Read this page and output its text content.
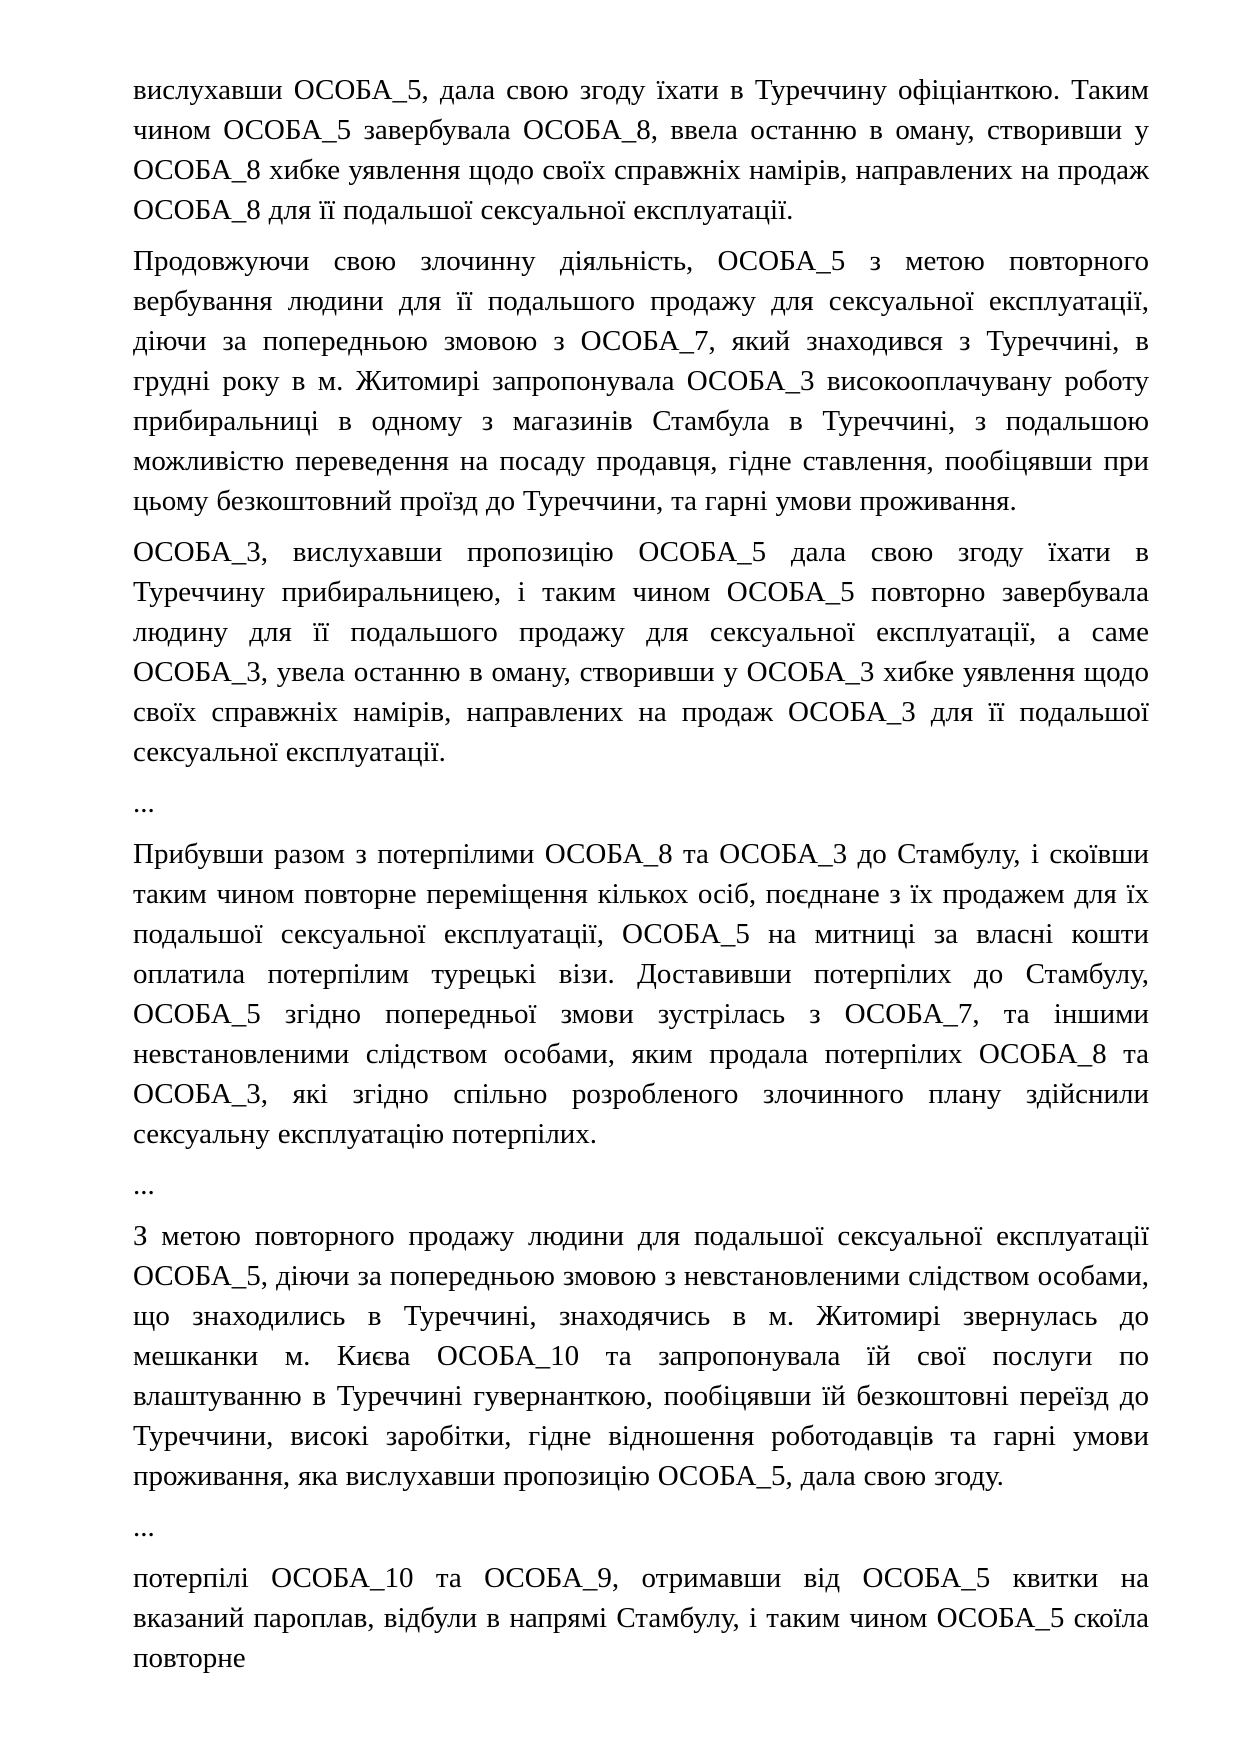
вислухавши ОСОБА_5, дала свою згоду їхати в Туреччину офіціанткою. Таким чином ОСОБА_5 завербувала ОСОБА_8, ввела останню в оману, створивши у ОСОБА_8 хибке уявлення щодо своїх справжніх намірів, направлених на продаж ОСОБА_8 для її подальшої сексуальної експлуатації.

Продовжуючи свою злочинну діяльність, ОСОБА_5 з метою повторного вербування людини для її подальшого продажу для сексуальної експлуатації, діючи за попередньою змовою з ОСОБА_7, який знаходився з Туреччині, в грудні року в м. Житомирі запропонувала ОСОБА_3 високооплачувану роботу прибиральниці в одному з магазинів Стамбула в Туреччині, з подальшою можливістю переведення на посаду продавця, гідне ставлення, пообіцявши при цьому безкоштовний проїзд до Туреччини, та гарні умови проживання.

ОСОБА_3, вислухавши пропозицію ОСОБА_5 дала свою згоду їхати в Туреччину прибиральницею, і таким чином ОСОБА_5 повторно завербувала людину для її подальшого продажу для сексуальної експлуатації, а саме ОСОБА_3, увела останню в оману, створивши у ОСОБА_3 хибке уявлення щодо своїх справжніх намірів, направлених на продаж ОСОБА_3 для її подальшої сексуальної експлуатації.

...

Прибувши разом з потерпілими ОСОБА_8 та ОСОБА_3 до Стамбулу, і скоївши таким чином повторне переміщення кількох осіб, поєднане з їх продажем для їх подальшої сексуальної експлуатації, ОСОБА_5 на митниці за власні кошти оплатила потерпілим турецькі візи. Доставивши потерпілих до Стамбулу, ОСОБА_5 згідно попередньої змови зустрілась з ОСОБА_7, та іншими невстановленими слідством особами, яким продала потерпілих ОСОБА_8 та ОСОБА_3, які згідно спільно розробленого злочинного плану здійснили сексуальну експлуатацію потерпілих.

...

З метою повторного продажу людини для подальшої сексуальної експлуатації ОСОБА_5, діючи за попередньою змовою з невстановленими слідством особами, що знаходились в Туреччині, знаходячись в м. Житомирі звернулась до мешканки м. Києва ОСОБА_10 та запропонувала їй свої послуги по влаштуванню в Туреччині гувернанткою, пообіцявши їй безкоштовні переїзд до Туреччини, високі заробітки, гідне відношення роботодавців та гарні умови проживання, яка вислухавши пропозицію ОСОБА_5, дала свою згоду.

...

потерпілі ОСОБА_10 та ОСОБА_9, отримавши від ОСОБА_5 квитки на вказаний пароплав, відбули в напрямі Стамбулу, і таким чином ОСОБА_5 скоїла повторне
